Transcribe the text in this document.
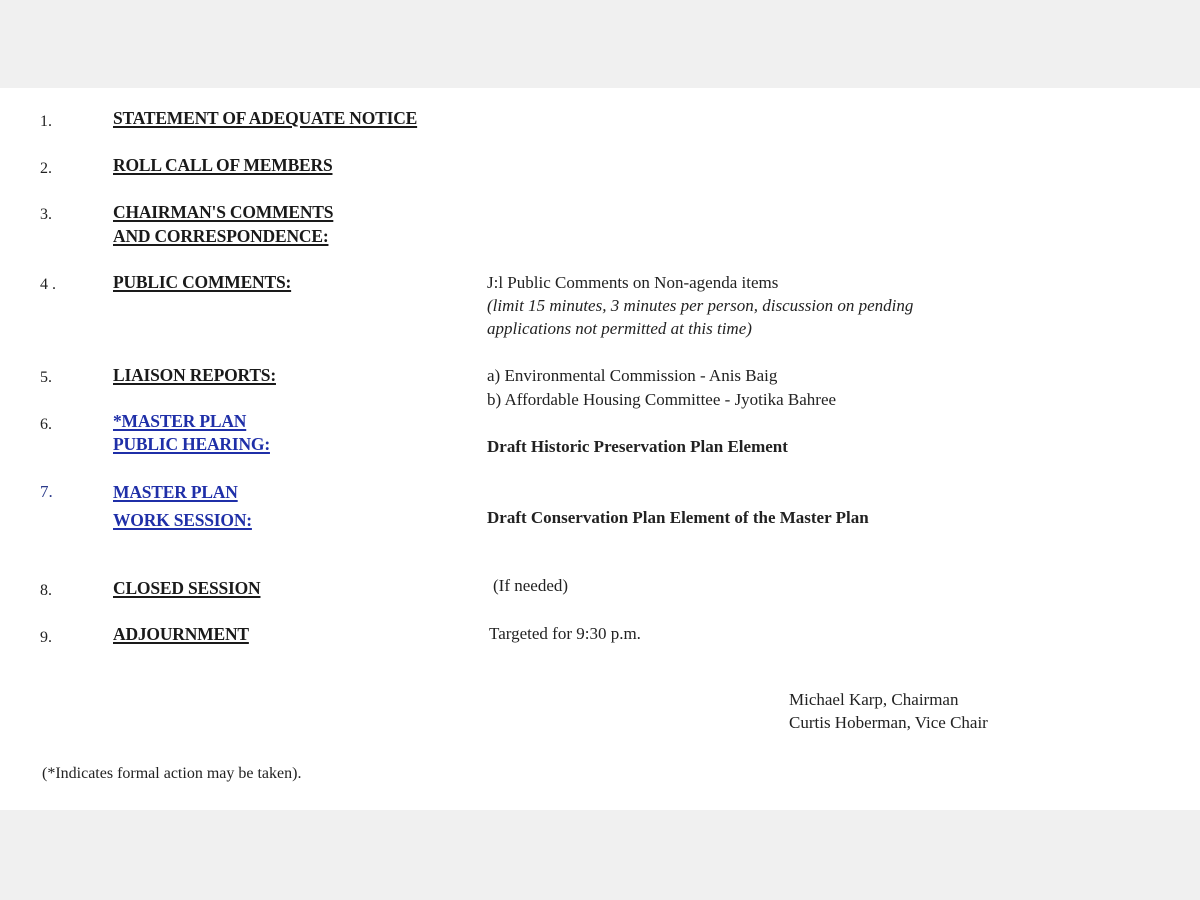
1.	STATEMENT OF ADEQUATE NOTICE
2.	ROLL CALL OF MEMBERS
3.	CHAIRMAN'S COMMENTS
AND CORRESPONDENCE:
4 .	PUBLIC COMMENTS:	J:l Public Comments on Non-agenda items
(limit 15 minutes, 3 minutes per person, discussion on pending
applications not permitted at this time)
5.	LIAISON REPORTS:	a) Environmental Commission - Anis Baig
b) Affordable Housing Committee - Jyotika Bahree
6.	*MASTER PLAN
PUBLIC HEARING:	Draft Historic Preservation Plan Element
7.	MASTER PLAN
WORK SESSION:	Draft Conservation Plan Element of the Master Plan
8.	CLOSED SESSION	(If needed)
9.	ADJOURNMENT	Targeted for 9:30 p.m.
Michael Karp, Chairman
Curtis Hoberman, Vice Chair
(*Indicates formal action may be taken).
